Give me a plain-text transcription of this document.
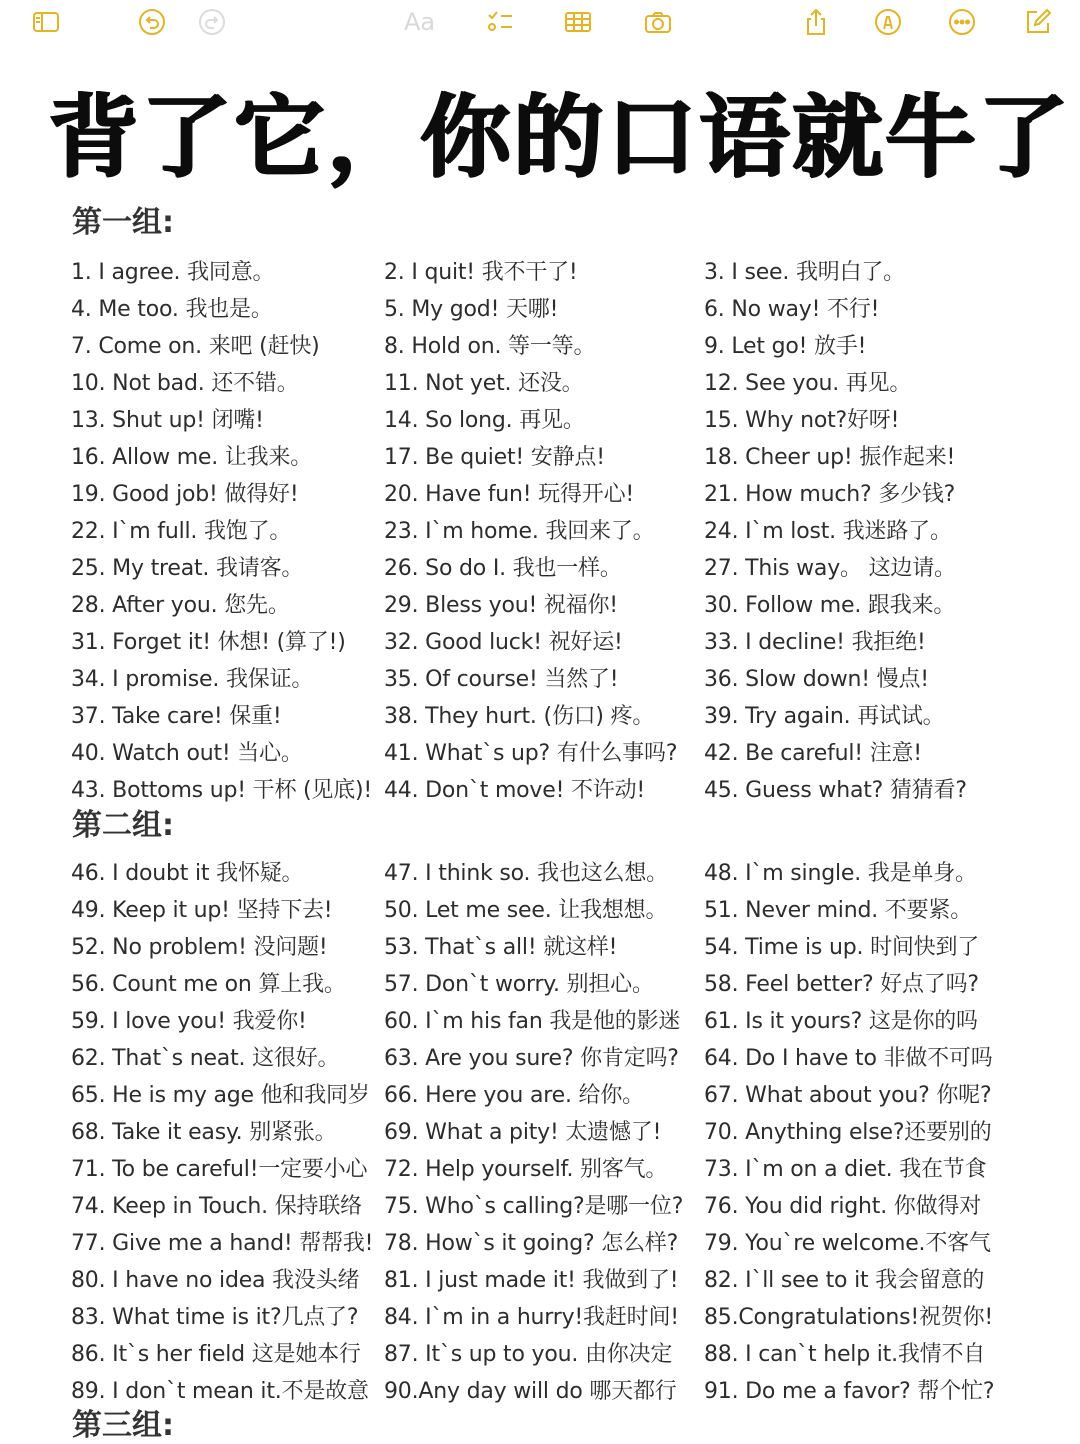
Aa
背了它，你的口语就牛了
第一组:
1. I agree. 我同意。	2. I quit! 我不干了!	3. I see. 我明白了。
4. Me too. 我也是。	5. My god! 天哪!	6. No way! 不行!
7. Come on. 来吧 (赶快)	8. Hold on. 等一等。	9. Let go! 放手!
10. Not bad. 还不错。	11. Not yet. 还没。	12. See you. 再见。
13. Shut up! 闭嘴!	14. So long. 再见。	15. Why not?好呀!
16. Allow me. 让我来。	17. Be quiet! 安静点!	18. Cheer up! 振作起来!
19. Good job! 做得好!	20. Have fun! 玩得开心!	21. How much? 多少钱?
22. I`m full. 我饱了。	23. I`m home. 我回来了。	24. I`m lost. 我迷路了。
25. My treat. 我请客。	26. So do I. 我也一样。	27. This way。 这边请。
28. After you. 您先。	29. Bless you! 祝福你!	30. Follow me. 跟我来。
31. Forget it! 休想! (算了!)	32. Good luck! 祝好运!	33. I decline! 我拒绝!
34. I promise. 我保证。	35. Of course! 当然了!	36. Slow down! 慢点!
37. Take care! 保重!	38. They hurt. (伤口) 疼。	39. Try again. 再试试。
40. Watch out! 当心。	41. What`s up? 有什么事吗?	42. Be careful! 注意!
43. Bottoms up! 干杯 (见底)! 44. Don`t move! 不许动!	45. Guess what? 猜猜看?
第二组:
46. I doubt it 我怀疑。	47. I think so. 我也这么想。	48. I`m single. 我是单身。
49. Keep it up! 坚持下去!	50. Let me see. 让我想想。	51. Never mind. 不要紧。
52. No problem! 没问题!	53. That`s all! 就这样!	54. Time is up. 时间快到了
56. Count me on 算上我。	57. Don`t worry. 别担心。	58. Feel better? 好点了吗?
59. I love you! 我爱你!	60. I`m his fan 我是他的影迷	61. Is it yours? 这是你的吗
62. That`s neat. 这很好。	63. Are you sure? 你肯定吗?	64. Do I have to 非做不可吗
65. He is my age 他和我同岁 66. Here you are. 给你。	67. What about you? 你呢?
68. Take it easy. 别紧张。	69. What a pity! 太遗憾了!	70. Anything else?还要别的
71. To be careful!一定要小心 72. Help yourself. 别客气。	73. I`m on a diet. 我在节食
74. Keep in Touch. 保持联络	75. Who`s calling?是哪一位? 76. You did right. 你做得对
77. Give me a hand! 帮帮我! 78. How`s it going? 怎么样?	79. You`re welcome.不客气
80. I have no idea 我没头绪	81. I just made it! 我做到了!	82. I`ll see to it 我会留意的
83. What time is it?几点了?	84. I`m in a hurry!我赶时间!	85.Congratulations!祝贺你!
86. It`s her field 这是她本行	87. It`s up to you. 由你决定	88. I can`t help it.我情不自
89. I don`t mean it.不是故意 90.Any day will do 哪天都行	91. Do me a favor? 帮个忙?
第三组:
